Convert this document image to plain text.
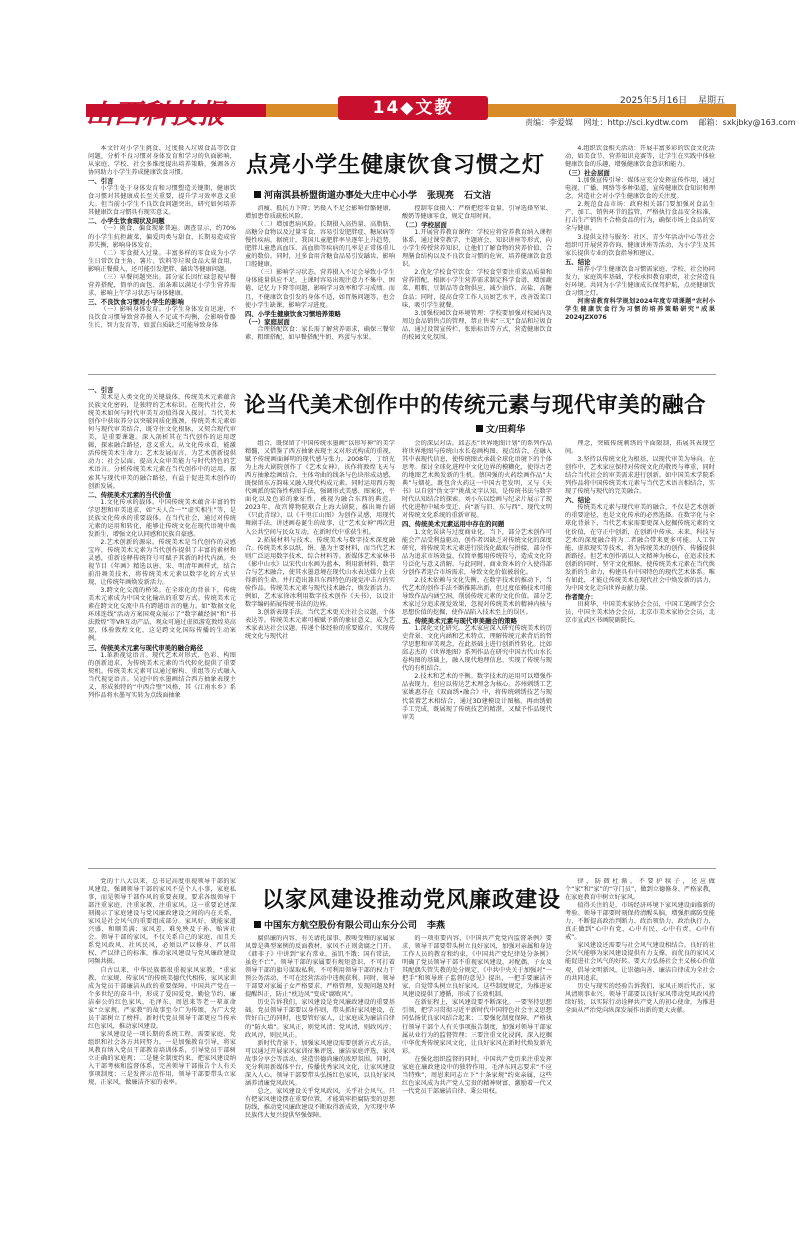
山西科技报	14◆文教	2025年5月16日 星期五
责编：李爱媒 网址：http://sci.kydtw.com 邮箱：sxkjbky@163.com
点亮小学生健康饮食习惯之灯
河南淇县桥盟街道办事处大庄中心小学 张现亮 石文洁

本文针对小学生挑食、过度摄入垃圾食品等饮食问题，分析不良习惯对身体发育和学习的负面影响，从家庭、学校、社会多维度提出培养策略，强调各方协同助力小学生养成健康饮食习惯。

一、引言

小学生处于身体发育和习惯塑造关键期，健康饮食习惯对其健康成长至关重要，提升学习效率意义重大。但当前小学生不良饮食问题突出，研究如何培养其健康饮食习惯具有现实意义。

二、小学生饮食现状及问题

（一）挑食、偏食现象普遍。调查显示，约70%的小学生抗拒蔬菜，偏爱肉类与甜食，长期易造成营养失衡，影响身体发育。

（二）零食摄入过量。丰富多样的零食成为小学生日常饮食主角，薯片、饮料等垃圾食品大量食用，影响正餐摄入，还可能引发肥胖、龋齿等健康问题。

（三）早餐问题突出。部分家长因忙碌忽视早餐营养搭配，简单的面包、油条难以满足小学生营养需求，影响上午学习状态与身体健康。

三、不良饮食习惯对小学生的影响

（一）影响身体发育。小学生身体发育迅速，不良饮食习惯导致营养摄入不足或不均衡，会影响骨骼生长、智力发育等，如蛋白质缺乏可能导致身体

消瘦、抵抗力下降；钙摄入不足会影响骨骼健康，增加患骨质疏松风险。

（二）增加患病风险。长期摄入高热量、高脂肪、高糖分食物以及过量零食，容易引发肥胖症、糖尿病等慢性疾病，据统计，我国儿童肥胖率呈逐年上升趋势，肥胖儿童患高血压、高血脂等疾病的几率是正常体重儿童的数倍。同时，过多食用含糖食品易引发龋齿，影响口腔健康。

（三）影响学习状态。营养摄入不足会导致小学生身体能量供应不足，上课时容易出现注意力不集中、困倦、记忆力下降等问题，影响学习效率和学习成绩。而且，不健康饮食引发的身体不适，如胃肠问题等，也会使小学生缺课，影响学习进度。

四、小学生健康饮食习惯培养策略
（一）家庭层面

合理搭配饮食：家长需了解营养需求，确保三餐荤素、粗细搭配，如早餐搭配牛奶、鸡蛋与水果、

控制零食摄入：严格把控零食量，引导选择坚果、酸奶等健康零食，规定食用时间。

（二）学校层面

1.开展营养教育课程：学校应将营养教育纳入课程体系，通过课堂教学、主题班会、知识讲座等形式，向小学生传授营养知识，让他们了解食物的营养价值、合理膳食结构以及不良饮食习惯的危害，培养健康饮食意识。

2.优化学校食堂饮食：学校食堂要注重菜品质量和营养搭配，根据小学生营养需求制定科学食谱，增加蔬菜、粗粮、豆制品等食物供应，减少油炸、高盐、高糖食品；同时，提高食堂工作人员厨艺水平，改善饭菜口味，吸引学生就餐。

3.加强校园饮食环境管理：学校要加强对校园内及周边食品销售点的管理，禁止售卖“三无”食品和垃圾食品，通过设置宣传栏、张贴标语等方式，营造健康饮食的校园文化氛围。

4.组织饮食相关活动：开展丰富多彩的饮食文化活动，如美食节、营养知识竞赛等，让学生在实践中体验健康饮食的乐趣，增强健康饮食意识和能力。

（三）社会层面

1.加强宣传引导：媒体应充分发挥宣传作用，通过电视、广播、网络等多种渠道，宣传健康饮食知识和理念，营造社会对小学生健康饮食的关注度。

2.规范食品市场：政府相关部门要加强对食品生产、加工、销售环节的监管，严格执行食品安全标准，打击生产销售不合格食品的行为，确保市场上食品的安全与健康。

3.提供支持与服务：社区、青少年活动中心等社会组织可开展营养咨询、健康讲座等活动，为小学生及其家长提供专业的饮食指导和建议。

五、结论

培养小学生健康饮食习惯需家庭、学校、社会协同发力，家庭筑牢基础，学校承担教育职责，社会营造良好环境。共同为小学生健康成长保驾护航，点亮健康饮食习惯之灯。

河南省教育科学规划2024年度专项课题“农村小学生健康饮食行为习惯的培养策略研究”成果2024JZX076

论当代美术创作中的传统元素与现代审美的融合
文/田莉华
一、引言

美术是人类文化的关键载体，传统美术元素蕴含民族文化密码，是独特的艺术标识。在现代社会，传统美术如何与时代审美互动值得深入探讨。当代美术创作中获取养分以突破同质化瓶颈，传统美术元素如何与现代审美结合，既守住文化根脉，又契合现代审美，是重要课题。深入剖析其在当代创作的运用逻辑，探索融合路径，意义重大。从文化传承看，能激活传统美术生命力；艺术发展而言，为艺术创新提供动力；社会层面，提高大众审美能力与时代特色的艺术语言。分析传统美术元素在当代创作中的运用，探索其与现代审美的融合路径，有益于促进美术创作的创新发展。

二、传统美术元素的当代价值

1.文化传承的载体。中国传统美术蕴含丰富的哲学思想和审美追求，如“天人合一”“虚实相生”等，是民族文化传承的重要载体。在当代社会，通过对传统元素的运用和转化，能够让传统文化在现代语境中焕发新生，增强文化认同感和民族自豪感。

2.艺术创新的源泉。传统美术是当代创作的灵感宝库，传统美术元素为当代创作提供了丰富的素材和灵感，重新诠释传统符号可赋予其新的时代内涵。央视节目《年画》精选以唐、宋、明清年画样式，结合前沿舞美技术，将传统美术元素以数字化的方式呈现，让传统年画焕发新活力。

3.跨文化交流的桥梁。在全球化的背景下，传统美术元素成为中国文化输出的重要方式。传统美术元素在跨文化交流中具有跨越语言的魅力。如“数据文化环球连线”活动方案国观众展示了“数字藏经洞”和“书法敦煌”等VR互动产品，观众可通过虚拟游览敦煌莫高窟，体验敦煌文化，这是跨文化国际传播的生动案例。

三、传统美术元素与现代审美的融合路径

1.革新视觉语言。现代艺术对形式、色彩、构图的创新追求，为传统美术元素的当代转化提供了重要契机。传统美术元素可以通过解构、重组等方式融入当代视觉语言。吴冠中的水墨画结合西方抽象表现主义，形成独特的“中西合璧”风格，其《江南水乡》系列作品将水墨写实转为点线面抽象

组合，既保留了中国传统水墨画“以形写神”的美学精髓，又借鉴了西方抽象表现主义对形式构成的重视，赋予传统画面鲜明的现代感与张力。2008年，丁绍光为上海大剧院创作了《艺术女神》，该作将敦煌飞天与西方抽象绘画结合，主体弯曲的线条与色块形成动感，既保留东方韵味又融入现代构成元素。同时运用西方现代画派的装饰性构图手法，强调形式美感、图案化，平面化以及色彩的象征性，被视为融合东西的典范。2023年，故宫博物院联合上海大剧院，推出舞台剧《只此青绿》，以《千里江山图》为创作灵感，用现代舞剧手法，讲述画卷诞生的故事，让“艺术女神”再次进入公共空间与民众互动，在新时代中重获生机。

2.拓展材料与技术。传统美术与数字技术深度融合。传统美术多以纸、绢、墨为主要材料，而当代艺术则广泛运用数字技术、综合材料等。新媒体艺术家林书《影中山水》以宋代山水画为蓝本，利用新材料、数字合与艺术融合，使其水墨意境在现代山水表达媒介上获得新的生命。并打造出兼具东西特色的视觉冲击力的实验作品。传统美术元素与现代技术融合，焕发新活力。例如，艺术家徐冰利用数字技术创作《天书》，以设计数字编码拓展传统书法的边界。

3.创新表现手法。当代艺术更关注社会议题、个体表达等。传统美术元素可被赋予新的象征意义，成为艺术家表达社会议题、传递个体经验的重要媒介。实现传统文化与现代社

会的深层对话。邱志杰“世界地图计划”的系列作品将世界地图与传统山水长卷画构图、视点结合，在融入其中表现代信息，使传统图式承载全球化语境下的个体思考。探讨全球化进程中文化边界的模糊化，使得古老的地图艺术焕发新的生机。蔡国强的火药绘画作品“大典”与烟花，既包含火药这一中国古老发明，又与《天书》以自创“伪文字”挑战文字认知，是传统书法与数字时代认知结合的探索。刘小东以绘画与纪录片展示了现代化进程中城乡变迁，向“新与旧、东与西”、现代文明对传统文化系统的重新审视。

四、传统美术元素运用中存在的问题

1.文化误读与过度商业化。当下，部分艺术创作可能会产品受利益驱动，创作者因缺乏对传统文化的深度研究，将传统美术元素进行肤浅化截取与拼接，部分作品为追求市场效益，仅简单挪用传统符号，造成文化符号泛化与意义消解。与此同时，商业资本的介入使得部分创作者迎合市场需求，导致文化价值被弱化。

2.技术依赖与文化失衡。在数字技术的推动下，当代艺术的创作手法不断推陈出新，但过度依赖技术可能导致作品内涵空洞，削弱传统元素的文化价值。部分艺术家过分追求视觉效果，忽视对传统美术的精神内核与思想价值的挖掘，使作品陷入技术至上的误区。

五、传统美术元素与现代审美融合的策略

1.深化文化研究。艺术家应深入研究传统美术的历史背景、文化内涵和艺术特点，理解传统元素背后的哲学思想和审美观念，在此基础上进行创新性转化。比如邱志杰的《世界地图》系列作品在研究中国古代山水长卷构图的基础上，融入现代地理信息，实现了传统与现代的有机结合。

2.技术和艺术的平衡。数字技术的运用可以增强作品表现力，但应以传达艺术理念为核心。苏州刺绣工艺家姚惠芬在《双面绣•融合》中，将传统刺绣技艺与现代装置艺术相结合，通过3D建模设计图稿，再由绣娘手工完成，既展现了传统技艺的精湛，又赋予作品现代审美

理念，突破传统刺绣的平面限制，拓展其表现空间。

3.坚持以传统文化为根基，以现代审美为导向。在创作中，艺术家应保持对传统文化的敬畏与尊重，同时结合当代社会的审美需求进行创新。如中国美术学院系列作品将中国传统美术元素与当代艺术语言相结合，实现了传统与现代的完美融合。

六、结论

传统美术元素与现代审美的融合，不仅是艺术创新的重要途径，也是文化传承的必然选择。在数字化与全球化背景下，当代艺术家需要更深入挖掘传统元素的文化价值，在守正中创新，在创新中传承。未来，科技与艺术的深度融合将为二者融合带来更多可能。人工智能、虚拟现实等技术，将为传统美术的创作、传播提供新路径。但艺术创作需以人文精神为核心，在追求技术创新的同时，坚守文化根脉，使传统美术元素在当代焕发新的生命力，构建具有中国特色的现代艺术体系。唯有如此，才能让传统美术在现代社会中焕发新的活力，为中国文化走向世界贡献力量。

作者简介：

田莉华，中国美术家协会会员，中国工笔画学会会员，中国主美术协会会员，北京市美术家协会会员，北京市宣武区书画院副院长。

以家风建设推动党风廉政建设
中国东方航空股份有限公司山东分公司 李燕

党的十八大以来，总书记高度重视领导干部的家风建设，强调领导干部的家风不是个人小事，家庭私事，而是领导干部作风的重要表现。要求各级领导干部注重家庭、注重家教、注重家风。这一重要论述深刻揭示了家庭建设与党风廉政建设之间的内在关系，家风是社会风气的重要组成部分。家风好，就能家道兴盛、和顺美满；家风差，难免殃及子孙、贻害社会。领导干部的家风，不仅关系自己的家庭，而且关系党风政风、社风民风，必须以严以修身、严以用权、严以律己的标准，推动家风建设与党风廉政建设同频共振。

自古以来，中华民族都很重视家风家教，“重家教、立家规、传家风”的传统美德代代相传，家风家训成为党员干部廉洁从政的重要保障。中国共产党在一个多世纪的奋斗中，形成了爱国爱党、勤俭节约、廉洁奉公的红色家风，毛泽东、周恩来等老一辈革命家“立家规、严家教”的故事至今广为传颂，为广大党员干部树立了榜样。新时代党员领导干部更应当传承红色家风，推动家风建设。

家风建设是一项长期的系统工程，需要家庭、党组织和社会各方共同努力。一是加强教育引导，将家风教育纳入党员干部教育培训体系，引导党员干部树立正确的家庭观；二是健全制度约束，把家风建设纳入干部考核和监督体系，完善领导干部报告个人有关事项制度；三是发挥示范作用，领导干部要带头立家规、正家风，做廉洁齐家的表率。

腐倡廉的内容，有关请托谋事、教唆受贿的家属家风曾是典型案例的反面教材，家风不正则贪腐之门开。《韩非子》中讲到“家有常业，虽饥不饿；国有常法，虽危不亡”。领导干部的家属要有规矩意识，不可打着领导干部的旗号谋取私利，不可利用领导干部的权力干预公务活动，不可在经营活动中违规获利。同时，领导干部要对家属子女严格要求、严格管理，发现问题及时提醒纠正，防止“枕边风”变成“腐败风”。

历史告诉我们，家风建设是党风廉政建设的重要基础。党员领导干部要以身作则，带头抓好家风建设，在管好自己的同时，也要管好家人，让家庭成为廉洁自律的“防火墙”。家风正，则党风清；党风清，则政风淳；政风淳，则民风正。

新时代背景下，加强家风建设需要创新方式方法。可以通过开展家风家训征集评选、廉洁家庭评选、家风故事分享会等活动，营造崇德尚廉的浓厚氛围。同时，充分利用新媒体平台，传播优秀家风文化，让家风建设深入人心。领导干部要带头弘扬红色家风，以良好家风涵养清廉党风政风。

总之，家风建设关乎党风政风，关乎社会风气。只有把家风建设摆在重要位置，才能筑牢拒腐防变的思想防线，推动党风廉政建设不断取得新成效，为实现中华民族伟大复兴提供坚强保障。

的一项重要内容，《中国共产党党内监督条例》要求，领导干部要带头树立良好家风，加强对亲属和身边工作人员的教育和约束，《中国共产党纪律处分条例》明确了党员领导干部不重视家风建设，对配偶、子女及其配偶失管失教的处分规定，《中共中央关于加强对“一把手”和领导班子监督的意见》提出，一把手要廉洁齐家，自觉带头树立良好家风。这些制度规定，为推进家风建设提供了遵循，形成了长效机制。

在新征程上，家风建设要不断深化。一要坚持思想引领，把学习贯彻习近平新时代中国特色社会主义思想同弘扬优良家风结合起来；二要强化制度保障，严格执行领导干部个人有关事项报告制度，加强对领导干部家属从业行为的监督管理；三要注重文化浸润，深入挖掘中华优秀传统家风文化，让良好家风在新时代焕发新光彩。

在强化组织监督的同时，中国共产党历来注重发挥家庭在廉政建设中的独特作用，毛泽东同志要求“不应当特殊”，周恩来同志立下“十条家规”约束亲属，这些红色家风成为共产党人宝贵的精神财富，激励着一代又一代党员干部廉洁自律、秉公用权。

律，防微杜渐，不要护犊子，还应做个“家”和“家”的“守门员”，做到立德修身、严格家教，在家庭教育中树立好家风。

值得关注的是，市场经济环境下家风建设面临新的考验。领导干部要时刻保持清醒头脑，增强拒腐防变能力，不断提高政治判断力、政治领悟力、政治执行力，真正做到“心中有党、心中有民、心中有责、心中有戒”。

家风建设还需要与社会风气建设相结合。良好的社会风气能够为家风建设提供有力支撑，而优良的家风又能促进社会风气的好转。要大力弘扬社会主义核心价值观，倡导文明新风，让崇德向善、廉洁自律成为全社会的共同追求。

历史与现实的经验告诉我们，家风正则后代正，家风清则事业兴。领导干部要以良好家风带动党风政风持续好转，以实际行动诠释共产党人的初心使命，为推进全面从严治党向纵深发展作出新的更大贡献。
